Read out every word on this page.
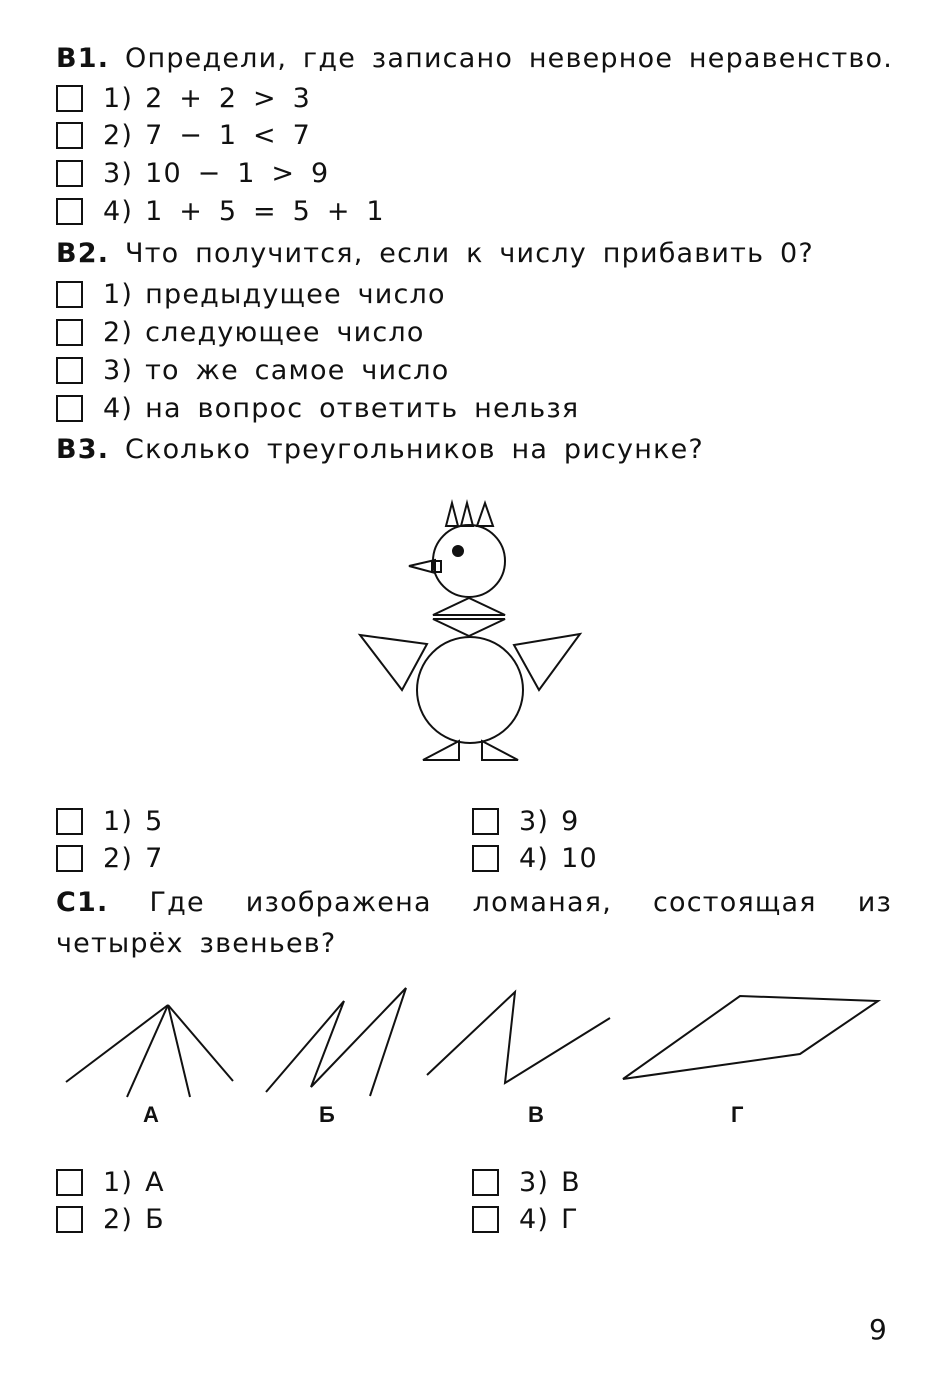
В1. Определи, где записано неверное неравенство.
1) 2 + 2 > 3
2) 7 − 1 < 7
3) 10 − 1 > 9
4) 1 + 5 = 5 + 1
В2. Что получится, если к числу прибавить 0?
1) предыдущее число
2) следующее число
3) то же самое число
4) на вопрос ответить нельзя
В3. Сколько треугольников на рисунке?
1) 5
2) 7
3) 9
4) 10
С1. Где изображена ломаная, состоящая из четырёх звеньев?
А	Б	В	Г
1) А
2) Б
3) В
4) Г
9
